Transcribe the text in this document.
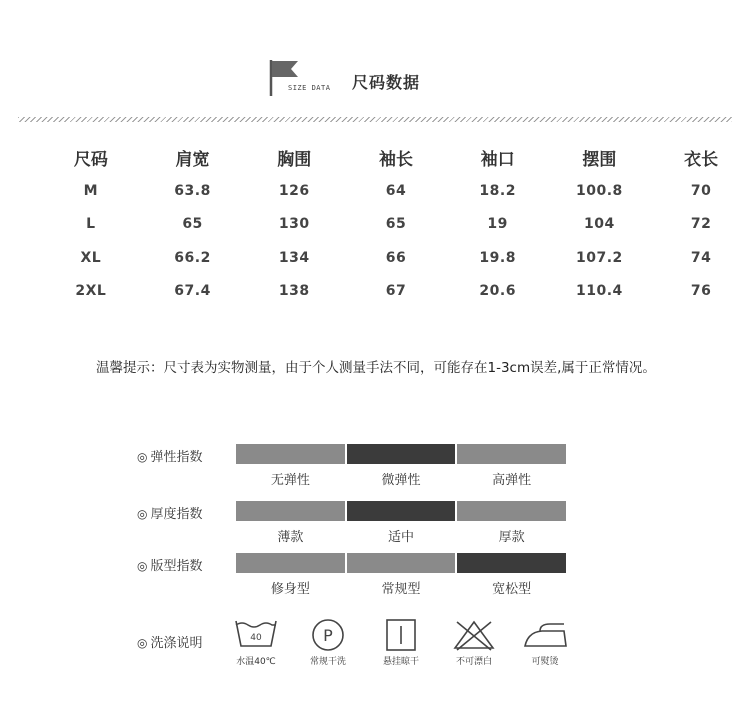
SIZE DATA 尺码数据
尺码	肩宽	胸围	袖长	袖口	摆围	衣长
M	63.8	126	64	18.2	100.8	70
L	65	130	65	19	104	72
XL	66.2	134	66	19.8	107.2	74
2XL	67.4	138	67	20.6	110.4	76
温馨提示：尺寸表为实物测量，由于个人测量手法不同，可能存在1-3cm误差,属于正常情况。
◎ 弹性指数
无弹性	微弹性	高弹性
◎ 厚度指数
薄款	适中	厚款
◎ 版型指数
修身型	常规型	宽松型
◎ 洗涤说明	40
水温40℃
P
常规干洗	悬挂晾干	不可漂白	可熨烫
